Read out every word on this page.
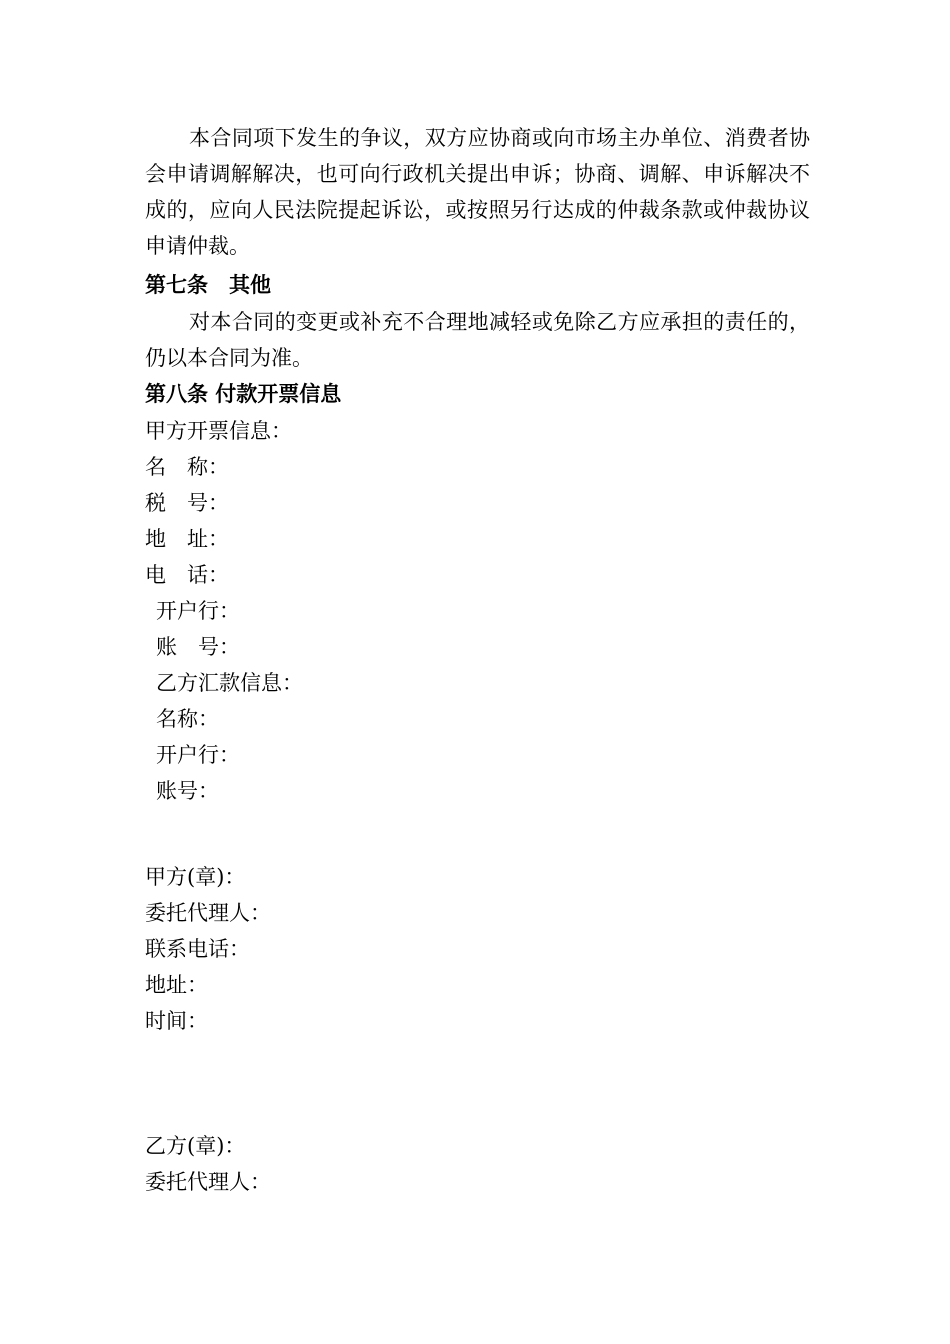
本合同项下发生的争议，双方应协商或向市场主办单位、消费者协会申请调解解决，也可向行政机关提出申诉；协商、调解、申诉解决不成的，应向人民法院提起诉讼，或按照另行达成的仲裁条款或仲裁协议申请仲裁。

第七条　其他

对本合同的变更或补充不合理地减轻或免除乙方应承担的责任的，仍以本合同为准。

第八条 付款开票信息
甲方开票信息：
名　称：
税　号：
地　址：
电　话：
开户行：
账　号：
乙方汇款信息：
名称：
开户行：
账号：
甲方(章)：
委托代理人：
联系电话：
地址：
时间：
乙方(章)：
委托代理人：
